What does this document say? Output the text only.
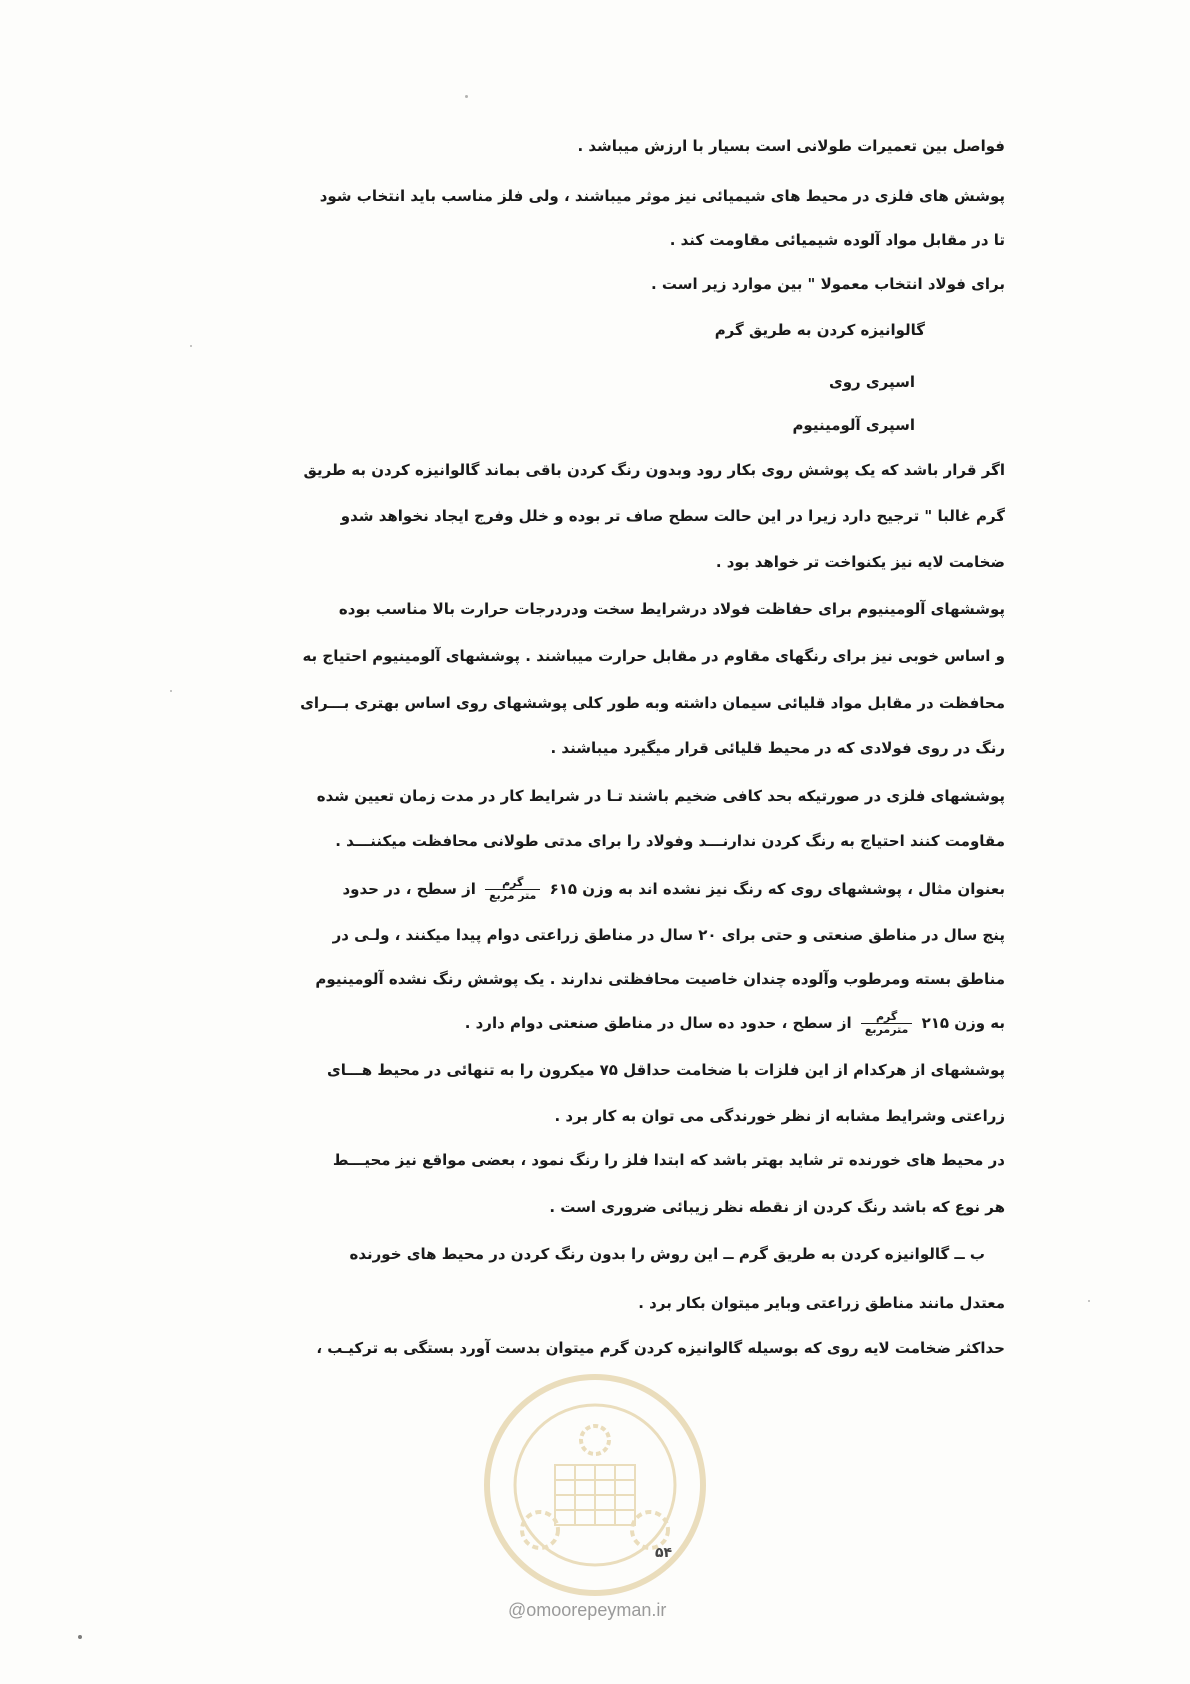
فواصل بین تعمیرات طولانی است بسیار با ارزش میباشد .
پوشش های فلزی در محیط های شیمیائی نیز موثر میباشند ، ولی فلز مناسب باید انتخاب شود
تا در مقابل مواد آلوده شیمیائی مقاومت کند .
برای فولاد انتخاب معمولا " بین موارد زیر است .
گالوانیزه کردن به طریق گرم
اسپری روی
اسپری آلومینیوم
اگر قرار باشد که یک پوشش روی بکار رود وبدون رنگ کردن باقی بماند گالوانیزه کردن به طریق
گرم غالبا " ترجیح دارد زیرا در این حالت سطح صاف تر بوده و خلل وفرج ایجاد نخواهد شدو
ضخامت لایه نیز یکنواخت تر خواهد بود .
پوششهای آلومینیوم برای حفاظت فولاد درشرایط سخت ودردرجات حرارت بالا مناسب بوده
و اساس خوبی نیز برای رنگهای مقاوم در مقابل حرارت میباشند . پوششهای آلومینیوم احتیاج به
محافظت در مقابل مواد قلیائی سیمان داشته وبه طور کلی پوششهای روی اساس بهتری بـــرای
رنگ در روی فولادی که در محیط قلیائی قرار میگیرد میباشند .
پوششهای فلزی در صورتیکه بحد کافی ضخیم باشند تـا در شرایط کار در مدت زمان تعیین شده
مقاومت کنند احتیاج به رنگ کردن ندارنـــد وفولاد را برای مدتی طولانی محافظت میکننـــد .
بعنوان مثال ، پوششهای روی که رنگ نیز نشده اند به وزن ۶۱۵
$\frac{\text{گرم}}{\text{متر مربع}}$
از سطح ، در حدود
پنج سال در مناطق صنعتی و حتی برای ۲۰ سال در مناطق زراعتی دوام پیدا میکنند ، ولـی در
مناطق بسته ومرطوب وآلوده چندان خاصیت محافظتی ندارند . یک پوشش رنگ نشده آلومینیوم
به وزن ۲۱۵
$\frac{\text{گرم}}{\text{مترمربع}}$
از سطح ، حدود ده سال در مناطق صنعتی دوام دارد .
پوششهای از هرکدام از این فلزات با ضخامت حداقل ۷۵ میکرون را به تنهائی در محیط هـــای
زراعتی وشرایط مشابه از نظر خورندگی می توان به کار برد .
در محیط های خورنده تر شاید بهتر باشد که ابتدا فلز را رنگ نمود ، بعضی مواقع نیز محیـــط
هر نوع که باشد رنگ کردن از نقطه نظر زیبائی ضروری است .
ب ــ گالوانیزه کردن به طریق گرم ــ این روش را بدون رنگ کردن در محیط های خورنده
معتدل مانند مناطق زراعتی وبایر میتوان بکار برد .
حداکثر ضخامت لایه روی که بوسیله گالوانیزه کردن گرم میتوان بدست آورد بستگی به ترکیـب ،
۵۴
@omoorepeyman.ir
